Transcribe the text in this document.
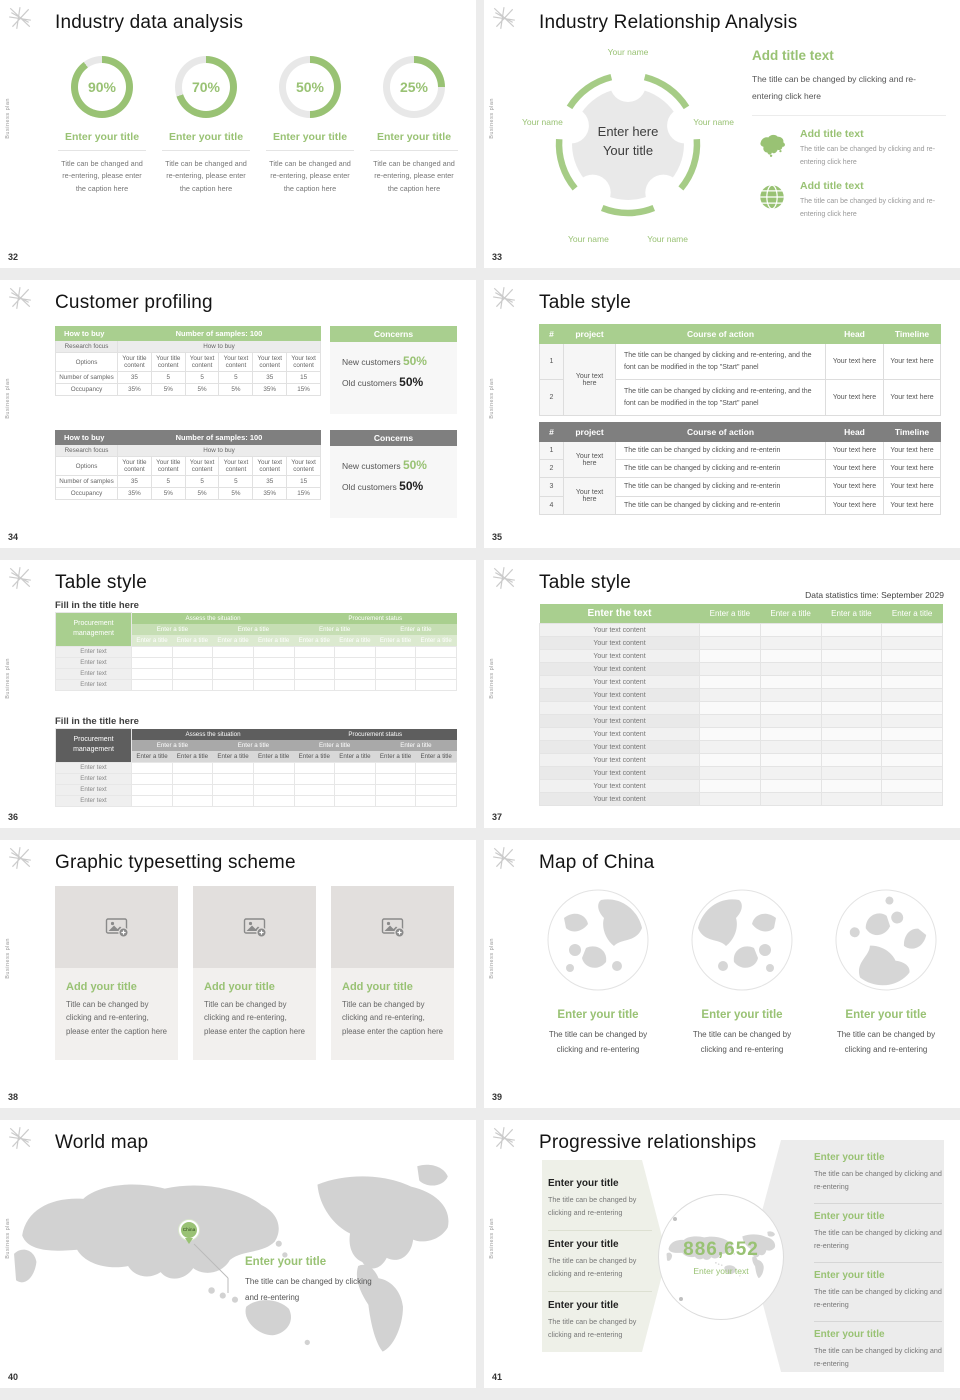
Business plan
Industry data analysis
90%
Enter your title
Title can be changed and re-entering, please enter the caption here
70%
Enter your title
Title can be changed and re-entering, please enter the caption here
50%
Enter your title
Title can be changed and re-entering, please enter the caption here
25%
Enter your title
Title can be changed and re-entering, please enter the caption here
32
Business plan
Industry Relationship Analysis
Your name
Your name	Your name
Your name	Your name
Enter here
Your title
Add title text
The title can be changed by clicking and re-entering click here
Add title text
The title can be changed by clicking and re-entering click here
Add title text
The title can be changed by clicking and re-entering click here
33
Business plan
Customer profiling
How to buy	Number of samples: 100					
Research focus	How to buy					
Options	Your title content	Your title content	Your text content	Your text content	Your text content	Your text content
Number of samples	35	5	5	5	35	15
Occupancy	35%	5%	5%	5%	35%	15%
Concerns
New customers 50%
Old customers 50%
How to buy	Number of samples: 100					
Research focus	How to buy					
Options	Your title content	Your title content	Your text content	Your text content	Your text content	Your text content
Number of samples	35	5	5	5	35	15
Occupancy	35%	5%	5%	5%	35%	15%
Concerns
New customers 50%
Old customers 50%
34
Business plan
Table style
#	project	Course of action	Head	Timeline
1	Your text here	The title can be changed by clicking and re-entering, and the font can be modified in the top "Start" panel	Your text here	Your text here
2		The title can be changed by clicking and re-entering, and the font can be modified in the top "Start" panel	Your text here	Your text here
#	project	Course of action	Head	Timeline
1	Your text here	The title can be changed by clicking and re-enterin	Your text here	Your text here
2		The title can be changed by clicking and re-enterin	Your text here	Your text here
3	Your text here	The title can be changed by clicking and re-enterin	Your text here	Your text here
4		The title can be changed by clicking and re-enterin	Your text here	Your text here
35
Business plan
Table style
Fill in the title here
Procurement management	Assess the situation				Procurement status			
	Enter a title		Enter a title		Enter a title		Enter a title	
	Enter a title	Enter a title	Enter a title	Enter a title	Enter a title	Enter a title	Enter a title	Enter a title
Enter text								
Enter text								
Enter text								
Enter text								
Fill in the title here
Procurement management	Assess the situation				Procurement status			
	Enter a title		Enter a title		Enter a title		Enter a title	
	Enter a title	Enter a title	Enter a title	Enter a title	Enter a title	Enter a title	Enter a title	Enter a title
Enter text								
Enter text								
Enter text								
Enter text								
36
Business plan
Table style
Data statistics time: September 2029
Enter the text	Enter a title	Enter a title	Enter a title	Enter a title
Your text content				
Your text content				
Your text content				
Your text content				
Your text content				
Your text content				
Your text content				
Your text content				
Your text content				
Your text content				
Your text content				
Your text content				
Your text content				
Your text content				
37
Business plan
Graphic typesetting scheme
Add your title
Title can be changed by clicking and re-entering, please enter the caption here
Add your title
Title can be changed by clicking and re-entering, please enter the caption here
Add your title
Title can be changed by clicking and re-entering, please enter the caption here
38
Business plan
Map of China
Enter your title
The title can be changed by clicking and re-entering
Enter your title
The title can be changed by clicking and re-entering
Enter your title
The title can be changed by clicking and re-entering
39
Business plan
World map
China
Enter your title
The title can be changed by clicking and re-entering
40
Business plan
Progressive relationships
Enter your title
The title can be changed by clicking and re-entering
Enter your title
The title can be changed by clicking and re-entering
Enter your title
The title can be changed by clicking and re-entering
886,652
Enter your text
Enter your title
The title can be changed by clicking and re-entering
Enter your title
The title can be changed by clicking and re-entering
Enter your title
The title can be changed by clicking and re-entering
Enter your title
The title can be changed by clicking and re-entering
41
